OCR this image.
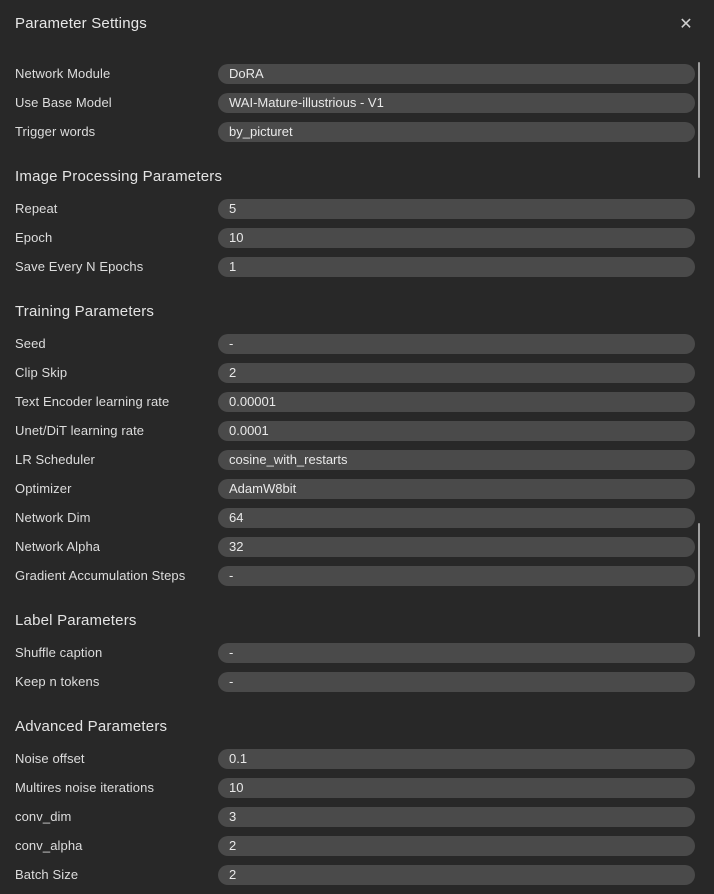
Parameter Settings	✕
Network Module	DoRA
Use Base Model	WAI-Mature-illustrious - V1
Trigger words	by_picturet
Image Processing Parameters
Repeat	5
Epoch	10
Save Every N Epochs	1
Training Parameters
Seed	-
Clip Skip	2
Text Encoder learning rate	0.00001
Unet/DiT learning rate	0.0001
LR Scheduler	cosine_with_restarts
Optimizer	AdamW8bit
Network Dim	64
Network Alpha	32
Gradient Accumulation Steps	-
Label Parameters
Shuffle caption	-
Keep n tokens	-
Advanced Parameters
Noise offset	0.1
Multires noise iterations	10
conv_dim	3
conv_alpha	2
Batch Size	2
